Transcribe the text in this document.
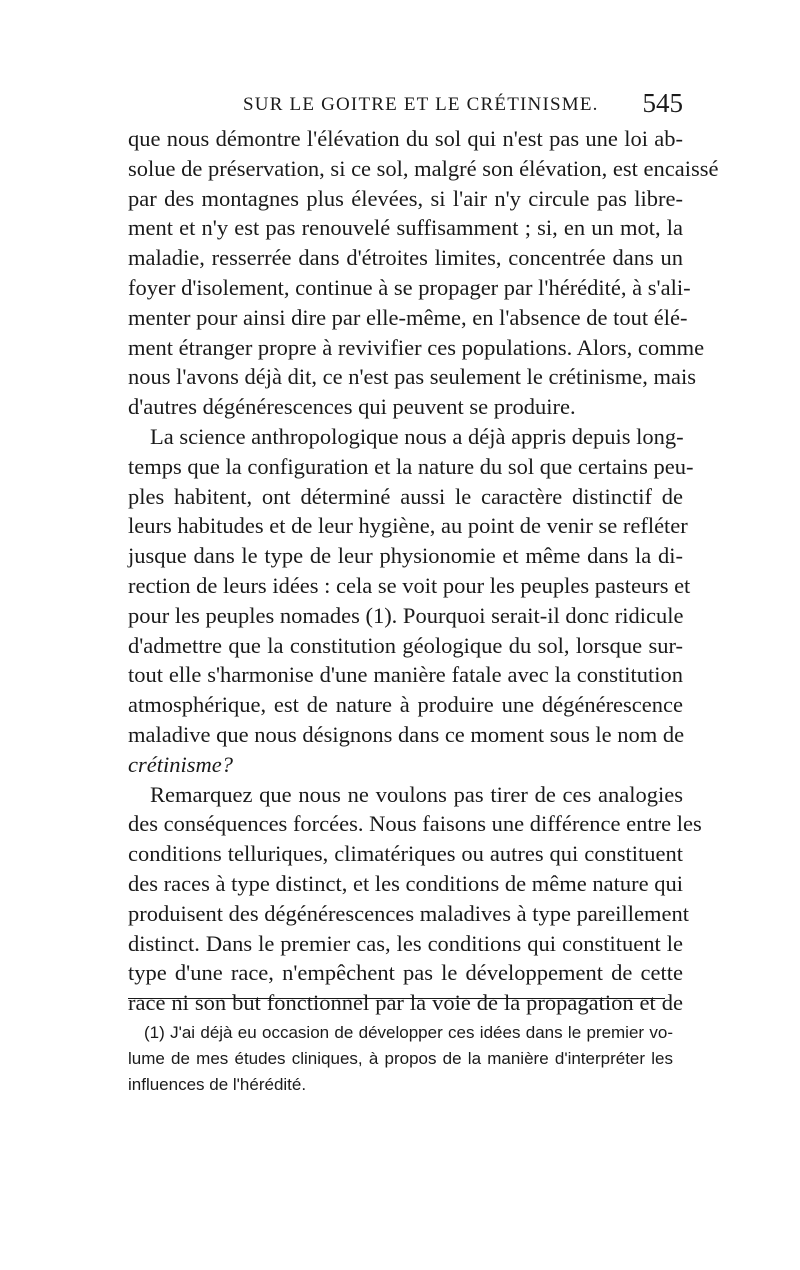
SUR LE GOITRE ET LE CRÉTINISME. 545
que nous démontre l'élévation du sol qui n'est pas une loi ab-
solue de préservation, si ce sol, malgré son élévation, est encaissé
par des montagnes plus élevées, si l'air n'y circule pas libre-
ment et n'y est pas renouvelé suffisamment ; si, en un mot, la
maladie, resserrée dans d'étroites limites, concentrée dans un
foyer d'isolement, continue à se propager par l'hérédité, à s'ali-
menter pour ainsi dire par elle-même, en l'absence de tout élé-
ment étranger propre à revivifier ces populations. Alors, comme
nous l'avons déjà dit, ce n'est pas seulement le crétinisme, mais
d'autres dégénérescences qui peuvent se produire.
La science anthropologique nous a déjà appris depuis long-
temps que la configuration et la nature du sol que certains peu-
ples habitent, ont déterminé aussi le caractère distinctif de
leurs habitudes et de leur hygiène, au point de venir se refléter
jusque dans le type de leur physionomie et même dans la di-
rection de leurs idées : cela se voit pour les peuples pasteurs et
pour les peuples nomades (1). Pourquoi serait-il donc ridicule
d'admettre que la constitution géologique du sol, lorsque sur-
tout elle s'harmonise d'une manière fatale avec la constitution
atmosphérique, est de nature à produire une dégénérescence
maladive que nous désignons dans ce moment sous le nom de
crétinisme?
Remarquez que nous ne voulons pas tirer de ces analogies
des conséquences forcées. Nous faisons une différence entre les
conditions telluriques, climatériques ou autres qui constituent
des races à type distinct, et les conditions de même nature qui
produisent des dégénérescences maladives à type pareillement
distinct. Dans le premier cas, les conditions qui constituent le
type d'une race, n'empêchent pas le développement de cette
race ni son but fonctionnel par la voie de la propagation et de
(1) J'ai déjà eu occasion de développer ces idées dans le premier vo-
lume de mes études cliniques, à propos de la manière d'interpréter les
influences de l'hérédité.
